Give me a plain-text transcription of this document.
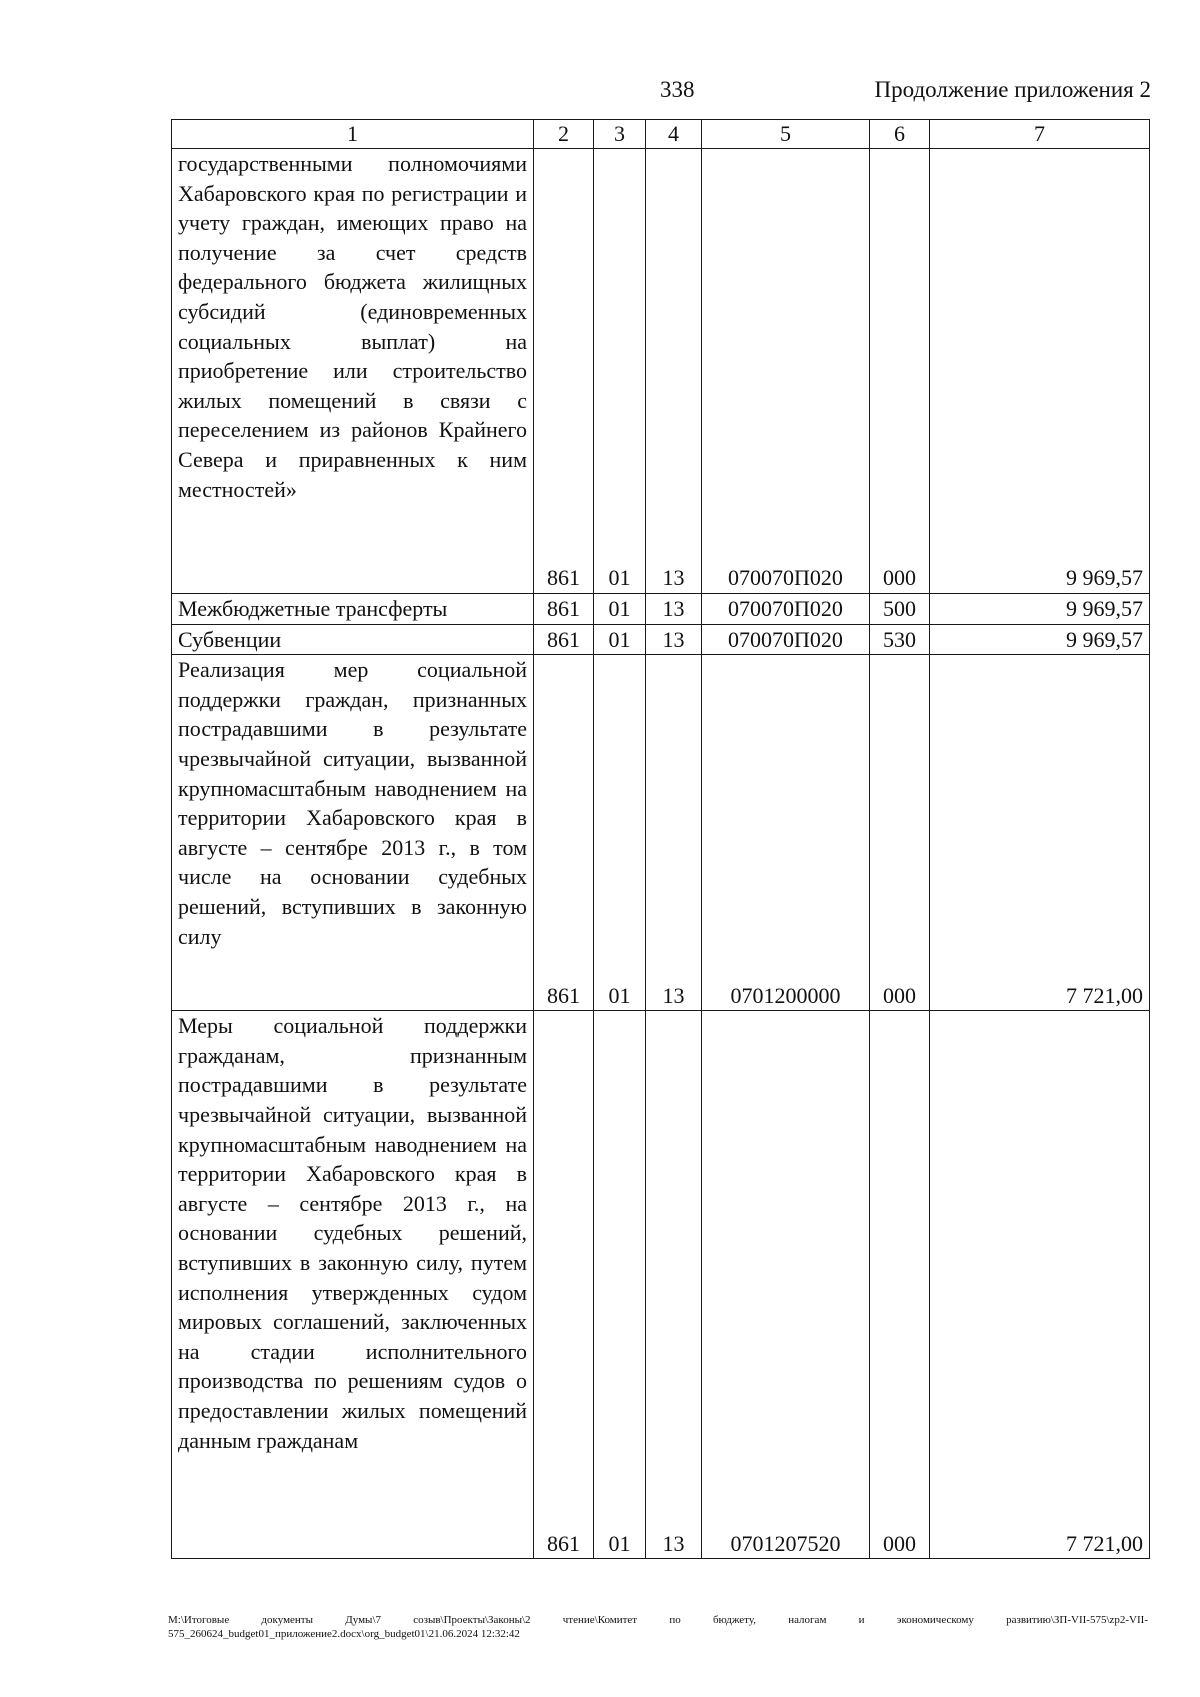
338	Продолжение приложения 2
1	2	3	4	5	6	7
государственными полномочиями Хабаровского края по регистрации и учету граждан, имеющих право на получение за счет средств федерального бюджета жилищных субсидий (единовременных социальных выплат) на приобретение или строительство жилых помещений в связи с переселением из районов Крайнего Севера и приравненных к ним местностей»	861	01	13	070070П020	000	9 969,57
Межбюджетные трансферты	861	01	13	070070П020	500	9 969,57
Субвенции	861	01	13	070070П020	530	9 969,57
Реализация мер социальной поддержки граждан, признанных пострадавшими в результате чрезвычайной ситуации, вызванной крупномасштабным наводнением на территории Хабаровского края в августе – сентябре 2013 г., в том числе на основании судебных решений, вступивших в законную силу	861	01	13	0701200000	000	7 721,00
Меры социальной поддержки гражданам, признанным пострадавшими в результате чрезвычайной ситуации, вызванной крупномасштабным наводнением на территории Хабаровского края в августе – сентябре 2013 г., на основании судебных решений, вступивших в законную силу, путем исполнения утвержденных судом мировых соглашений, заключенных на стадии исполнительного производства по решениям судов о предоставлении жилых помещений данным гражданам	861	01	13	0701207520	000	7 721,00
M:\Итоговые документы Думы\7 созыв\Проекты\Законы\2 чтение\Комитет по бюджету, налогам и экономическому развитию\ЗП-VII-575\zp2-VII-575_260624_budget01_приложение2.docx\org_budget01\21.06.2024 12:32:42
